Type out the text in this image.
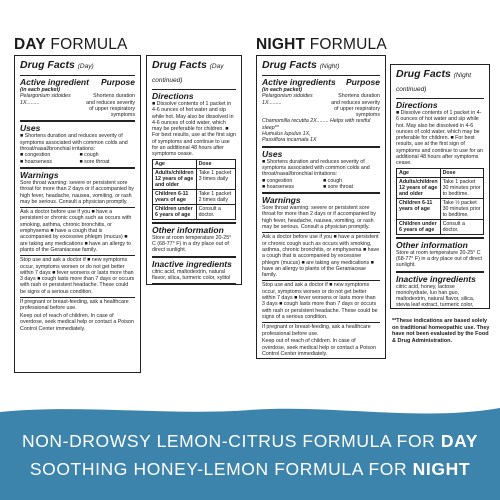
DAY FORMULA	NIGHT FORMULA
Drug Facts (Day)
Active ingredient Purpose
(in each packet)
Pelargonium sidoides 1X.........
Shortens duration and reduces severity of upper respiratory symptoms
Uses
■ Shortens duration and reduces severity of symptoms associated with common colds and throat/nasal/bronchial irritations:
■ congestion	■ cough
■ hoarseness	■ sore throat
Warnings
Sore throat warning: severe or persistent sore throat for more than 2 days or if accompanied by high fever, headache, nausea, vomiting, or rash may be serious. Consult a physician promptly.
Ask a doctor before use if you ■ have a persistent or chronic cough such as occurs with smoking, asthma, chronic bronchitis, or emphysema ■ have a cough that is accompanied by excessive phlegm (mucus) ■ are taking any medications ■ have an allergy to plants of the Geraniaceae family.
Stop use and ask a doctor if ■ new symptoms occur, symptoms worsen or do not get better within 7 days ■ fever worsens or lasts more than 3 days ■ cough lasts more than 7 days or occurs with rash or persistent headache. These could be signs of a serious condition.
If pregnant or breast-feeding, ask a healthcare professional before use.
Keep out of reach of children. In case of overdose, seek medical help or contact a Poison Control Center immediately.
Drug Facts (Day continued)
Directions
■ Dissolve contents of 1 packet in 4-6 ounces of hot water and sip while hot. May also be dissolved in 4-6 ounces of cold water, which may be preferable for children. ■ For best results, use at the first sign of symptoms and continue to use for an additional 48 hours after symptoms cease.
Age	Dose
Adults/children 12 years of age and older	Take 1 packet 3 times daily
Children 6-11 years of age	Take 1 packet 2 times daily
Children under 6 years of age	Consult a doctor.
Other information
Store at room temperature 20-25° C (68-77° F) in a dry place out of direct sunlight.
Inactive ingredients
citric acid, maltodextrin, natural flavor, silica, turmeric color, xylitol
Drug Facts (Night)
Active ingredients Purpose
(in each packet)
Pelargonium sidoides 1X.........
Shortens duration and reduces severity of upper respiratory symptoms
Chamomilla recutita 2X........ Helps with restful sleep**
Humulus lupulus 1X,
Passiflora incarnata 1X
Uses
■ Shortens duration and reduces severity of symptoms associated with common colds and throat/nasal/bronchial irritations:
■ congestion	■ cough
■ hoarseness	■ sore throat
Warnings
Sore throat warning: severe or persistent sore throat for more than 2 days or if accompanied by high fever, headache, nausea, vomiting, or rash may be serious. Consult a physician promptly.
Ask a doctor before use if you ■ have a persistent or chronic cough such as occurs with smoking, asthma, chronic bronchitis, or emphysema ■ have a cough that is accompanied by excessive phlegm (mucus) ■ are taking any medications ■ have an allergy to plants of the Geraniaceae family.
Stop use and ask a doctor if ■ new symptoms occur, symptoms worsen or do not get better within 7 days ■ fever worsens or lasts more than 3 days ■ cough lasts more than 7 days or occurs with rash or persistent headache. These could be signs of a serious condition.
If pregnant or breast-feeding, ask a healthcare professional before use.
Keep out of reach of children. In case of overdose, seek medical help or contact a Poison Control Center immediately.
Drug Facts (Night continued)
Directions
■ Dissolve contents of 1 packet in 4-6 ounces of hot water and sip while hot. May also be dissolved in 4-6 ounces of cold water, which may be preferable for children. ■ For best results, use at the first sign of symptoms and continue to use for an additional 48 hours after symptoms cease.
Age	Dose
Adults/children 12 years of age and older	Take 1 packet 30 minutes prior to bedtime.
Children 6-11 years of age	Take ½ packet 30 minutes prior to bedtime.
Children under 6 years of age	Consult a doctor.
Other information
Store at room temperature 20-25° C (68-77° F) in a dry place out of direct sunlight.
Inactive ingredients
citric acid, honey, lactose monohydrate, luo han guo, maltodextrin, natural flavor, silica, stevia leaf extract, turmeric color,
**These indications are based solely on traditional homeopathic use. They have not been evaluated by the Food & Drug Administration.
NON-DROWSY LEMON-CITRUS FORMULA FOR DAY
SOOTHING HONEY-LEMON FORMULA FOR NIGHT
